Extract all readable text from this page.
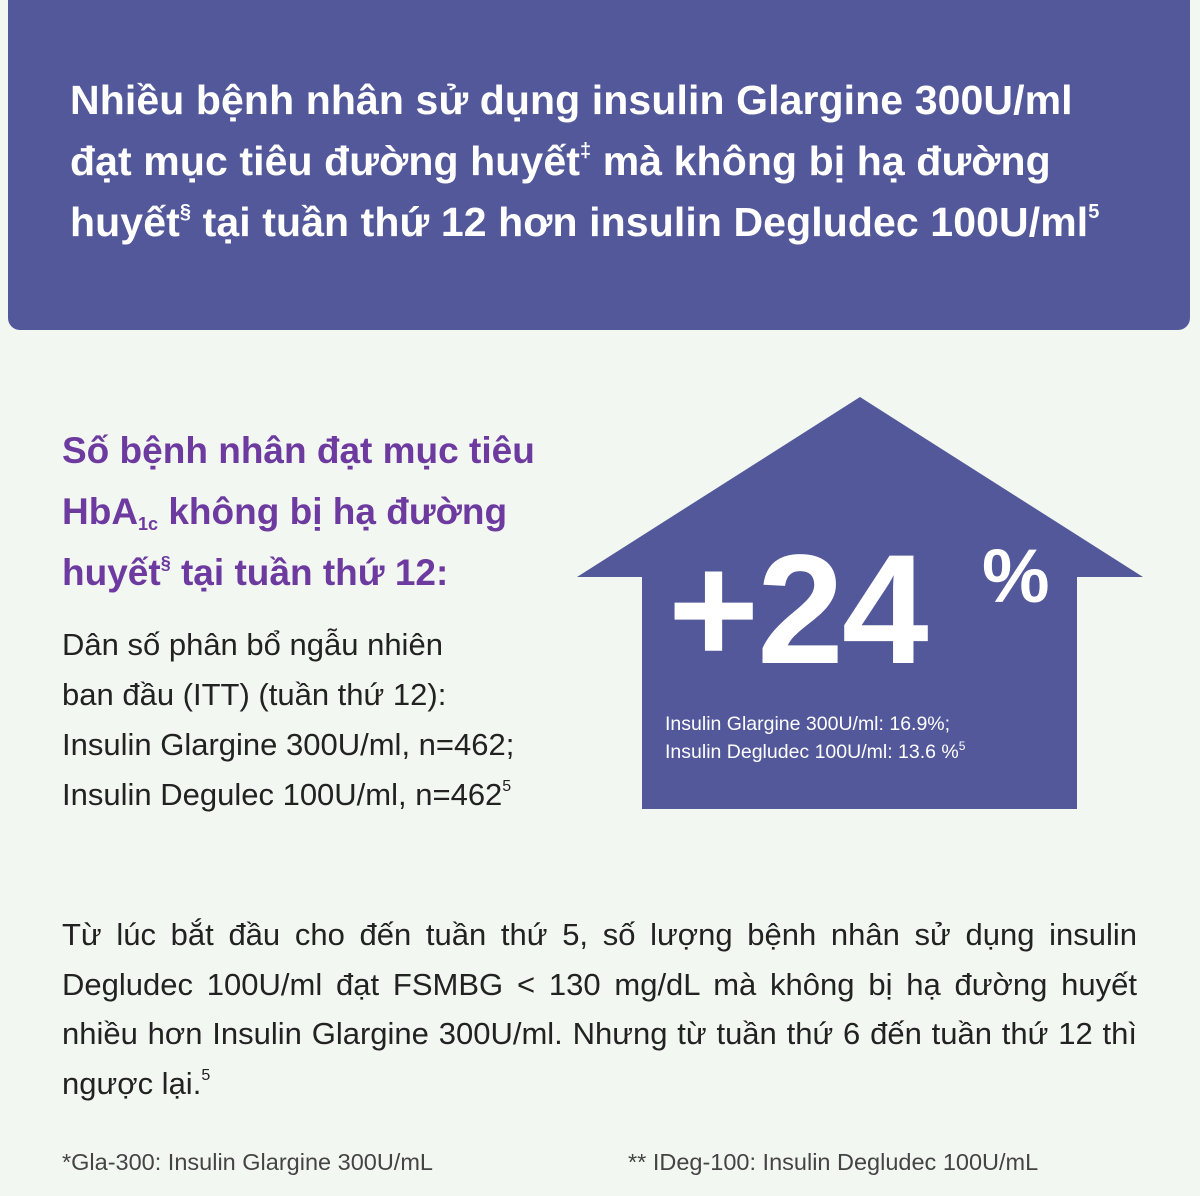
Nhiều bệnh nhân sử dụng insulin Glargine 300U/ml
đạt mục tiêu đường huyết‡ mà không bị hạ đường
huyết§ tại tuần thứ 12 hơn insulin Degludec $100U/ml^5$
Số bệnh nhân đạt mục tiêu
HbA$_{1c}$ không bị hạ đường
huyết§ tại tuần thứ 12:
Dân số phân bổ ngẫu nhiên
ban đầu (ITT) (tuần thứ 12):
Insulin Glargine 300U/ml, n=462;
Insulin Degulec 100U/ml, $n=462^5$
+24 %
Insulin Glargine 300U/ml: 16.9%;
Insulin Degludec 100U/ml: 13.6 %$^5$
Từ lúc bắt đầu cho đến tuần thứ 5, số lượng bệnh nhân sử dụng insulin Degludec 100U/ml đạt FSMBG < 130 mg/dL mà không bị hạ đường huyết nhiều hơn Insulin Glargine 300U/ml. Nhưng từ tuần thứ 6 đến tuần thứ 12 thì ngược lại.$^5$
*Gla-300: Insulin Glargine 300U/mL	** IDeg-100: Insulin Degludec 100U/mL
